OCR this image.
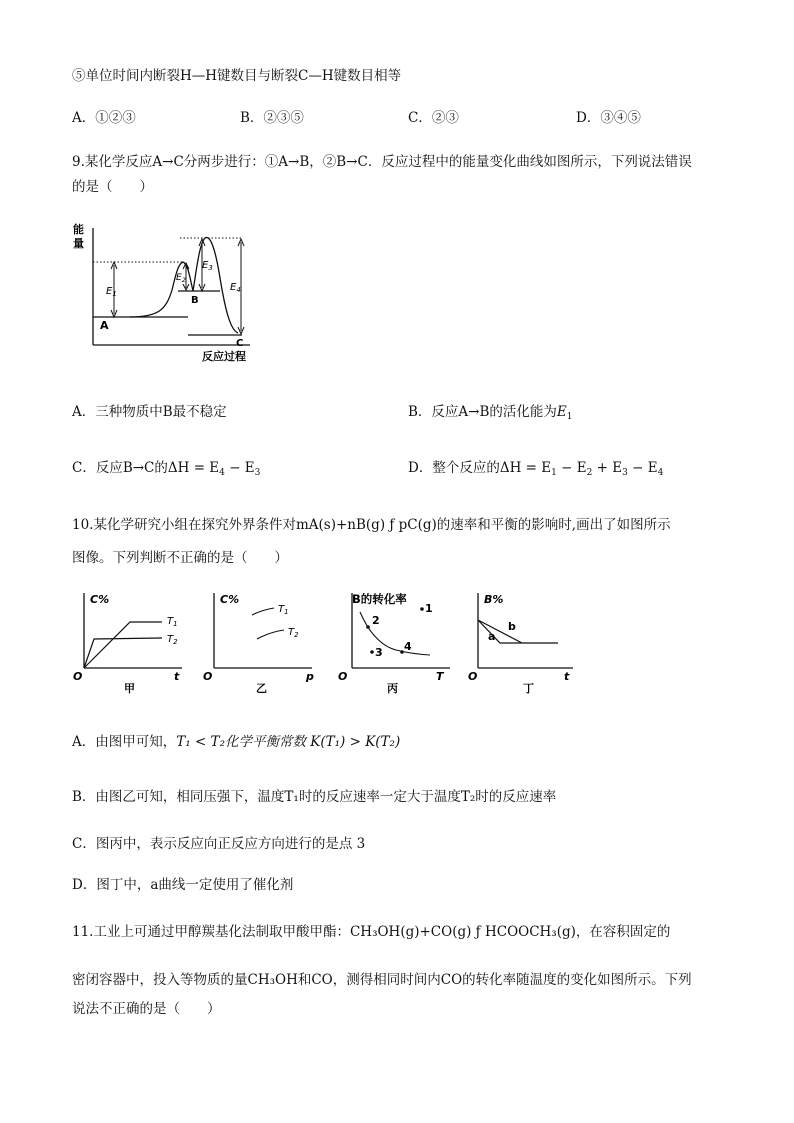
⑤单位时间内断裂H—H键数目与断裂C—H键数目相等
A．①②③	B．②③⑤	C．②③	D．③④⑤
9.某化学反应A→C分两步进行：①A→B，②B→C．反应过程中的能量变化曲线如图所示，下列说法错误
的是（　　）
能
量
反应过程
A
B
C
$E_1$
$E_2$
$E_3$
$E_4$
A．三种物质中B最不稳定	B．反应A→B的活化能为$E_1$
C．反应B→C的$\Delta H = E_4 - E_3$	D．整个反应的$\Delta H = E_1 - E_2 + E_3 - E_4$
10.某化学研究小组在探究外界条件对mA(s)+nB(g) ƒ pC(g)的速率和平衡的影响时,画出了如图所示
图像。下列判断不正确的是（　　）
C%
O	t
$T_1$
$T_2$
甲
C%
O	p
$T_1$
$T_2$
乙
B的转化率
O	T
2
1
3 4
丙
B%
O	t
a
b
丁
A．由图甲可知，T₁ < T₂化学平衡常数 K(T₁) > K(T₂)
B．由图乙可知，相同压强下，温度T₁时的反应速率一定大于温度T₂时的反应速率
C．图丙中，表示反应向正反应方向进行的是点 3
D．图丁中，a曲线一定使用了催化剂
11.工业上可通过甲醇羰基化法制取甲酸甲酯：CH₃OH(g)+CO(g) ƒ HCOOCH₃(g)，在容积固定的
密闭容器中，投入等物质的量CH₃OH和CO，测得相同时间内CO的转化率随温度的变化如图所示。下列
说法不正确的是（　　）
